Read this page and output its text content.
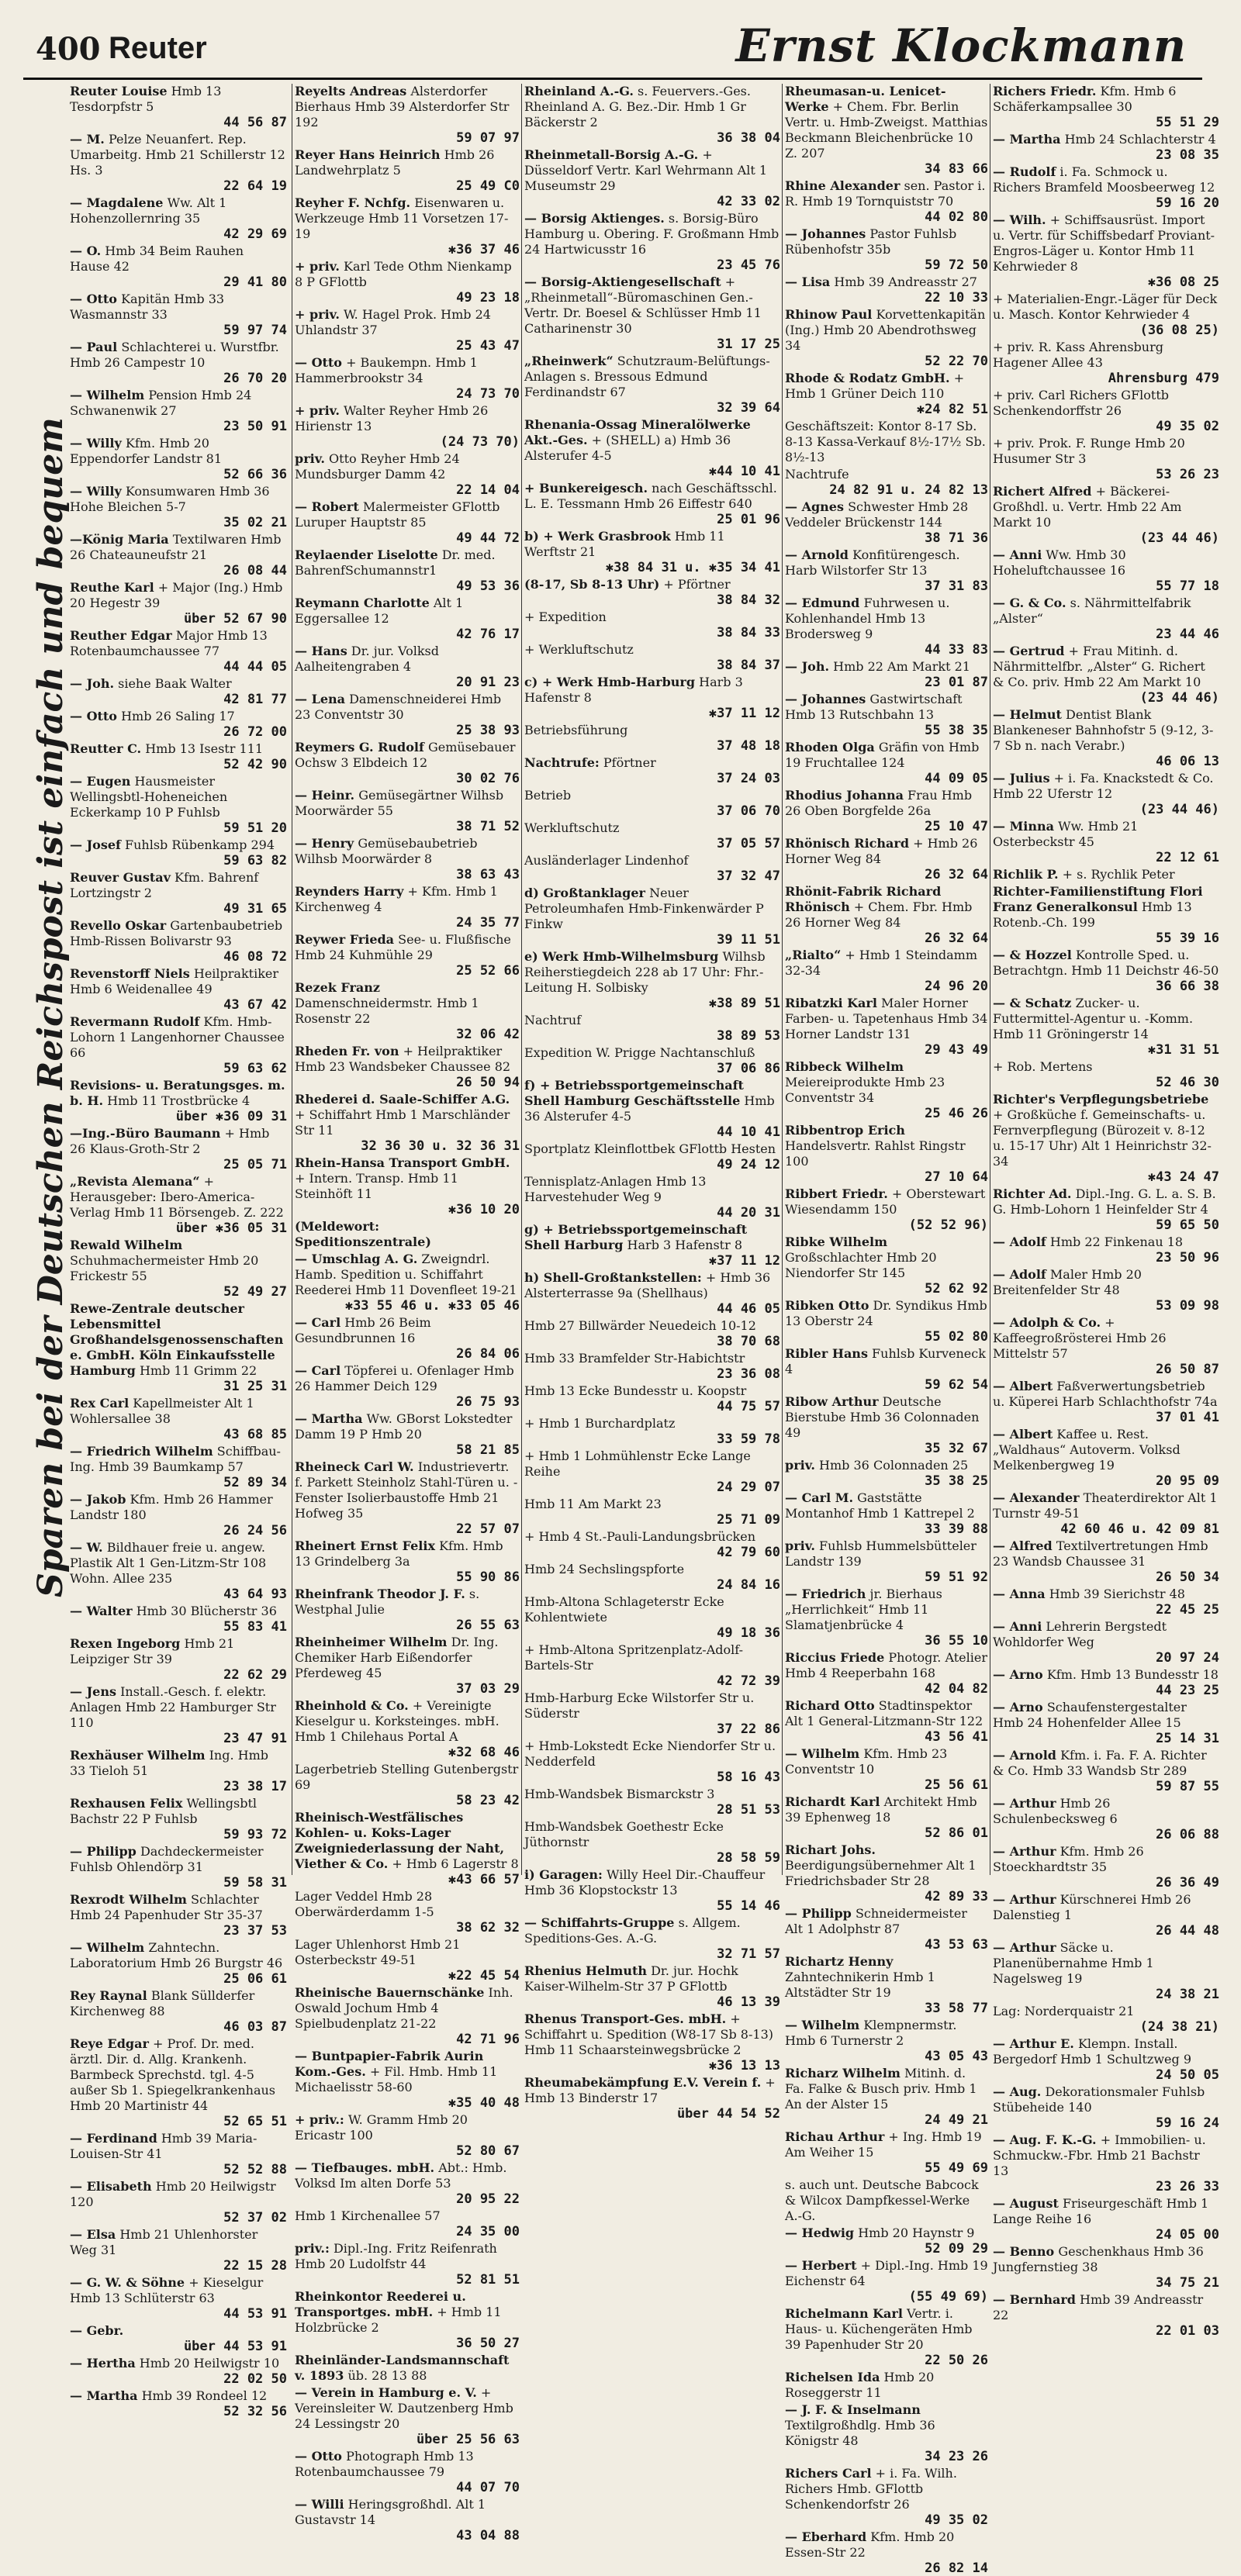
400 Reuter	Ernst Klockmann
Sparen bei der Deutschen Reichspost ist einfach und bequem
Reuter Louise Hmb 13 Tesdorpfstr 5
44 56 87
— M. Pelze Neuanfert. Rep. Umarbeitg. Hmb 21 Schillerstr 12 Hs. 3
22 64 19
— Magdalene Ww. Alt 1 Hohenzollernring 35
42 29 69
— O. Hmb 34 Beim Rauhen Hause 42
29 41 80
— Otto Kapitän Hmb 33 Wasmannstr 33
59 97 74
— Paul Schlachterei u. Wurstfbr. Hmb 26 Campestr 10
26 70 20
— Wilhelm Pension Hmb 24 Schwanenwik 27
23 50 91
— Willy Kfm. Hmb 20 Eppendorfer Landstr 81
52 66 36
— Willy Konsumwaren Hmb 36 Hohe Bleichen 5-7
35 02 21
—König Maria Textilwaren Hmb 26 Chateauneufstr 21
26 08 44
Reuthe Karl + Major (Ing.) Hmb 20 Hegestr 39
über 52 67 90
Reuther Edgar Major Hmb 13 Rotenbaumchaussee 77
44 44 05
— Joh. siehe Baak Walter
42 81 77
— Otto Hmb 26 Saling 17
26 72 00
Reutter C. Hmb 13 Isestr 111
52 42 90
— Eugen Hausmeister Wellingsbtl-Hoheneichen Eckerkamp 10 P Fuhlsb
59 51 20
— Josef Fuhlsb Rübenkamp 294
59 63 82
Reuver Gustav Kfm. Bahrenf Lortzingstr 2
49 31 65
Revello Oskar Gartenbaubetrieb Hmb-Rissen Bolivarstr 93
46 08 72
Revenstorff Niels Heilpraktiker Hmb 6 Weidenallee 49
43 67 42
Revermann Rudolf Kfm. Hmb-Lohorn 1 Langenhorner Chaussee 66
59 63 62
Revisions- u. Beratungsges. m. b. H. Hmb 11 Trostbrücke 4
über ✱36 09 31
—Ing.-Büro Baumann + Hmb 26 Klaus-Groth-Str 2
25 05 71
„Revista Alemana“ + Herausgeber: Ibero-America-Verlag Hmb 11 Börsengeb. Z. 222
über ✱36 05 31
Rewald Wilhelm Schuhmachermeister Hmb 20 Frickestr 55
52 49 27
Rewe-Zentrale deutscher Lebensmittel Großhandelsgenossenschaften e. GmbH. Köln Einkaufsstelle Hamburg Hmb 11 Grimm 22
31 25 31
Rex Carl Kapellmeister Alt 1 Wohlersallee 38
43 68 85
— Friedrich Wilhelm Schiffbau-Ing. Hmb 39 Baumkamp 57
52 89 34
— Jakob Kfm. Hmb 26 Hammer Landstr 180
26 24 56
— W. Bildhauer freie u. angew. Plastik Alt 1 Gen-Litzm-Str 108 Wohn. Allee 235
43 64 93
— Walter Hmb 30 Blücherstr 36
55 83 41
Rexen Ingeborg Hmb 21 Leipziger Str 39
22 62 29
— Jens Install.-Gesch. f. elektr. Anlagen Hmb 22 Hamburger Str 110
23 47 91
Rexhäuser Wilhelm Ing. Hmb 33 Tieloh 51
23 38 17
Rexhausen Felix Wellingsbtl Bachstr 22 P Fuhlsb
59 93 72
— Philipp Dachdeckermeister Fuhlsb Ohlendörp 31
59 58 31
Rexrodt Wilhelm Schlachter Hmb 24 Papenhuder Str 35-37
23 37 53
— Wilhelm Zahntechn. Laboratorium Hmb 26 Burgstr 46
25 06 61
Rey Raynal Blank Süllderfer Kirchenweg 88
46 03 87
Reye Edgar + Prof. Dr. med. ärztl. Dir. d. Allg. Krankenh. Barmbeck Sprechstd. tgl. 4-5 außer Sb 1. Spiegelkrankenhaus Hmb 20 Martinistr 44
52 65 51
— Ferdinand Hmb 39 Maria-Louisen-Str 41
52 52 88
— Elisabeth Hmb 20 Heilwigstr 120
52 37 02
— Elsa Hmb 21 Uhlenhorster Weg 31
22 15 28
— G. W. & Söhne + Kieselgur Hmb 13 Schlüterstr 63
44 53 91
— Gebr.
über 44 53 91
— Hertha Hmb 20 Heilwigstr 10
22 02 50
— Martha Hmb 39 Rondeel 12
52 32 56
Reyelts Andreas Alsterdorfer Bierhaus Hmb 39 Alsterdorfer Str 192
59 07 97
Reyer Hans Heinrich Hmb 26 Landwehrplatz 5
25 49 C0
Reyher F. Nchfg. Eisenwaren u. Werkzeuge Hmb 11 Vorsetzen 17-19
✱36 37 46
+ priv. Karl Tede Othm Nienkamp 8 P GFlottb
49 23 18
+ priv. W. Hagel Prok. Hmb 24 Uhlandstr 37
25 43 47
— Otto + Baukempn. Hmb 1 Hammerbrookstr 34
24 73 70
+ priv. Walter Reyher Hmb 26 Hirienstr 13
(24 73 70)
priv. Otto Reyher Hmb 24 Mundsburger Damm 42
22 14 04
— Robert Malermeister GFlottb Luruper Hauptstr 85
49 44 72
Reylaender Liselotte Dr. med. BahrenfSchumannstr1
49 53 36
Reymann Charlotte Alt 1 Eggersallee 12
42 76 17
— Hans Dr. jur. Volksd Aalheitengraben 4
20 91 23
— Lena Damenschneiderei Hmb 23 Conventstr 30
25 38 93
Reymers G. Rudolf Gemüsebauer Ochsw 3 Elbdeich 12
30 02 76
— Heinr. Gemüsegärtner Wilhsb Moorwärder 55
38 71 52
— Henry Gemüsebaubetrieb Wilhsb Moorwärder 8
38 63 43
Reynders Harry + Kfm. Hmb 1 Kirchenweg 4
24 35 77
Reywer Frieda See- u. Flußfische Hmb 24 Kuhmühle 29
25 52 66
Rezek Franz Damenschneidermstr. Hmb 1 Rosenstr 22
32 06 42
Rheden Fr. von + Heilpraktiker Hmb 23 Wandsbeker Chaussee 82
26 50 94
Rhederei d. Saale-Schiffer A.G. + Schiffahrt Hmb 1 Marschländer Str 11
32 36 30 u. 32 36 31
Rhein-Hansa Transport GmbH. + Intern. Transp. Hmb 11 Steinhöft 11
✱36 10 20
(Meldewort: Speditionszentrale)
— Umschlag A. G. Zweigndrl. Hamb. Spedition u. Schiffahrt Reederei Hmb 11 Dovenfleet 19-21
✱33 55 46 u. ✱33 05 46
— Carl Hmb 26 Beim Gesundbrunnen 16
26 84 06
— Carl Töpferei u. Ofenlager Hmb 26 Hammer Deich 129
26 75 93
— Martha Ww. GBorst Lokstedter Damm 19 P Hmb 20
58 21 85
Rheineck Carl W. Industrievertr. f. Parkett Steinholz Stahl-Türen u. -Fenster Isolierbaustoffe Hmb 21 Hofweg 35
22 57 07
Rheinert Ernst Felix Kfm. Hmb 13 Grindelberg 3a
55 90 86
Rheinfrank Theodor J. F. s. Westphal Julie
26 55 63
Rheinheimer Wilhelm Dr. Ing. Chemiker Harb Eißendorfer Pferdeweg 45
37 03 29
Rheinhold & Co. + Vereinigte Kieselgur u. Korksteinges. mbH. Hmb 1 Chilehaus Portal A
✱32 68 46
Lagerbetrieb Stelling Gutenbergstr 69
58 23 42
Rheinisch-Westfälisches Kohlen- u. Koks-Lager Zweigniederlassung der Naht, Viether & Co. + Hmb 6 Lagerstr 8
✱43 66 57
Lager Veddel Hmb 28 Oberwärderdamm 1-5
38 62 32
Lager Uhlenhorst Hmb 21 Osterbeckstr 49-51
✱22 45 54
Rheinische Bauernschänke Inh. Oswald Jochum Hmb 4 Spielbudenplatz 21-22
42 71 96
— Buntpapier-Fabrik Aurin Kom.-Ges. + Fil. Hmb. Hmb 11 Michaelisstr 58-60
✱35 40 48
+ priv.: W. Gramm Hmb 20 Ericastr 100
52 80 67
— Tiefbauges. mbH. Abt.: Hmb. Volksd Im alten Dorfe 53
20 95 22
Hmb 1 Kirchenallee 57
24 35 00
priv.: Dipl.-Ing. Fritz Reifenrath Hmb 20 Ludolfstr 44
52 81 51
Rheinkontor Reederei u. Transportges. mbH. + Hmb 11 Holzbrücke 2
36 50 27
Rheinländer-Landsmannschaft v. 1893 üb. 28 13 88
— Verein in Hamburg e. V. + Vereinsleiter W. Dautzenberg Hmb 24 Lessingstr 20
über 25 56 63
— Otto Photograph Hmb 13 Rotenbaumchaussee 79
44 07 70
— Willi Heringsgroßhdl. Alt 1 Gustavstr 14
43 04 88
Rheinland A.-G. s. Feuervers.-Ges. Rheinland A. G. Bez.-Dir. Hmb 1 Gr Bäckerstr 2
36 38 04
Rheinmetall-Borsig A.-G. + Düsseldorf Vertr. Karl Wehrmann Alt 1 Museumstr 29
42 33 02
— Borsig Aktienges. s. Borsig-Büro Hamburg u. Obering. F. Großmann Hmb 24 Hartwicusstr 16
23 45 76
— Borsig-Aktiengesellschaft + „Rheinmetall“-Büromaschinen Gen.-Vertr. Dr. Boesel & Schlüsser Hmb 11 Catharinenstr 30
31 17 25
„Rheinwerk“ Schutzraum-Belüftungs-Anlagen s. Bressous Edmund Ferdinandstr 67
32 39 64
Rhenania-Ossag Mineralölwerke Akt.-Ges. + (SHELL) a) Hmb 36 Alsterufer 4-5
✱44 10 41
+ Bunkereigesch. nach Geschäftsschl. L. E. Tessmann Hmb 26 Eiffestr 640
25 01 96
b) + Werk Grasbrook Hmb 11 Werftstr 21
✱38 84 31 u. ✱35 34 41
(8-17, Sb 8-13 Uhr) + Pförtner
38 84 32
+ Expedition
38 84 33
+ Werkluftschutz
38 84 37
c) + Werk Hmb-Harburg Harb 3 Hafenstr 8
✱37 11 12
Betriebsführung
37 48 18
Nachtrufe: Pförtner
37 24 03
Betrieb
37 06 70
Werkluftschutz
37 05 57
Ausländerlager Lindenhof
37 32 47
d) Großtanklager Neuer Petroleumhafen Hmb-Finkenwärder P Finkw
39 11 51
e) Werk Hmb-Wilhelmsburg Wilhsb Reiherstiegdeich 228 ab 17 Uhr: Fhr.-Leitung H. Solbisky
✱38 89 51
Nachtruf
38 89 53
Expedition W. Prigge Nachtanschluß
37 06 86
f) + Betriebssportgemeinschaft Shell Hamburg Geschäftsstelle Hmb 36 Alsterufer 4-5
44 10 41
Sportplatz Kleinflottbek GFlottb Hesten
49 24 12
Tennisplatz-Anlagen Hmb 13 Harvestehuder Weg 9
44 20 31
g) + Betriebssportgemeinschaft Shell Harburg Harb 3 Hafenstr 8
✱37 11 12
h) Shell-Großtankstellen: + Hmb 36 Alsterterrasse 9a (Shellhaus)
44 46 05
Hmb 27 Billwärder Neuedeich 10-12
38 70 68
Hmb 33 Bramfelder Str-Habichtstr
23 36 08
Hmb 13 Ecke Bundesstr u. Koopstr
44 75 57
+ Hmb 1 Burchardplatz
33 59 78
+ Hmb 1 Lohmühlenstr Ecke Lange Reihe
24 29 07
Hmb 11 Am Markt 23
25 71 09
+ Hmb 4 St.-Pauli-Landungsbrücken
42 79 60
Hmb 24 Sechslingspforte
24 84 16
Hmb-Altona Schlageterstr Ecke Kohlentwiete
49 18 36
+ Hmb-Altona Spritzenplatz-Adolf-Bartels-Str
42 72 39
Hmb-Harburg Ecke Wilstorfer Str u. Süderstr
37 22 86
+ Hmb-Lokstedt Ecke Niendorfer Str u. Nedderfeld
58 16 43
Hmb-Wandsbek Bismarckstr 3
28 51 53
Hmb-Wandsbek Goethestr Ecke Jüthornstr
28 58 59
i) Garagen: Willy Heel Dir.-Chauffeur Hmb 36 Klopstockstr 13
55 14 46
— Schiffahrts-Gruppe s. Allgem. Speditions-Ges. A.-G.
32 71 57
Rhenius Helmuth Dr. jur. Hochk Kaiser-Wilhelm-Str 37 P GFlottb
46 13 39
Rhenus Transport-Ges. mbH. + Schiffahrt u. Spedition (W8-17 Sb 8-13) Hmb 11 Schaarsteinwegsbrücke 2
✱36 13 13
Rheumabekämpfung E.V. Verein f. + Hmb 13 Binderstr 17
über 44 54 52
Rheumasan-u. Lenicet-Werke + Chem. Fbr. Berlin Vertr. u. Hmb-Zweigst. Matthias Beckmann Bleichenbrücke 10 Z. 207
34 83 66
Rhine Alexander sen. Pastor i. R. Hmb 19 Tornquiststr 70
44 02 80
— Johannes Pastor Fuhlsb Rübenhofstr 35b
59 72 50
— Lisa Hmb 39 Andreasstr 27
22 10 33
Rhinow Paul Korvettenkapitän (Ing.) Hmb 20 Abendrothsweg 34
52 22 70
Rhode & Rodatz GmbH. + Hmb 1 Grüner Deich 110
✱24 82 51
Geschäftszeit: Kontor 8-17 Sb. 8-13 Kassa-Verkauf 8½-17½ Sb. 8½-13
Nachtrufe
24 82 91 u. 24 82 13
— Agnes Schwester Hmb 28 Veddeler Brückenstr 144
38 71 36
— Arnold Konfitürengesch. Harb Wilstorfer Str 13
37 31 83
— Edmund Fuhrwesen u. Kohlenhandel Hmb 13 Brodersweg 9
44 33 83
— Joh. Hmb 22 Am Markt 21
23 01 87
— Johannes Gastwirtschaft Hmb 13 Rutschbahn 13
55 38 35
Rhoden Olga Gräfin von Hmb 19 Fruchtallee 124
44 09 05
Rhodius Johanna Frau Hmb 26 Oben Borgfelde 26a
25 10 47
Rhönisch Richard + Hmb 26 Horner Weg 84
26 32 64
Rhönit-Fabrik Richard Rhönisch + Chem. Fbr. Hmb 26 Horner Weg 84
26 32 64
„Rialto“ + Hmb 1 Steindamm 32-34
24 96 20
Ribatzki Karl Maler Horner Farben- u. Tapetenhaus Hmb 34 Horner Landstr 131
29 43 49
Ribbeck Wilhelm Meiereiprodukte Hmb 23 Conventstr 34
25 46 26
Ribbentrop Erich Handelsvertr. Rahlst Ringstr 100
27 10 64
Ribbert Friedr. + Oberstewart Wiesendamm 150
(52 52 96)
Ribke Wilhelm Großschlachter Hmb 20 Niendorfer Str 145
52 62 92
Ribken Otto Dr. Syndikus Hmb 13 Oberstr 24
55 02 80
Ribler Hans Fuhlsb Kurveneck 4
59 62 54
Ribow Arthur Deutsche Bierstube Hmb 36 Colonnaden 49
35 32 67
priv. Hmb 36 Colonnaden 25
35 38 25
— Carl M. Gaststätte Montanhof Hmb 1 Kattrepel 2
33 39 88
priv. Fuhlsb Hummelsbütteler Landstr 139
59 51 92
— Friedrich jr. Bierhaus „Herrlichkeit“ Hmb 11 Slamatjenbrücke 4
36 55 10
Riccius Friede Photogr. Atelier Hmb 4 Reeperbahn 168
42 04 82
Richard Otto Stadtinspektor Alt 1 General-Litzmann-Str 122
43 56 41
— Wilhelm Kfm. Hmb 23 Conventstr 10
25 56 61
Richardt Karl Architekt Hmb 39 Ephenweg 18
52 86 01
Richart Johs. Beerdigungsübernehmer Alt 1 Friedrichsbader Str 28
42 89 33
— Philipp Schneidermeister Alt 1 Adolphstr 87
43 53 63
Richartz Henny Zahntechnikerin Hmb 1 Altstädter Str 19
33 58 77
— Wilhelm Klempnermstr. Hmb 6 Turnerstr 2
43 05 43
Richarz Wilhelm Mitinh. d. Fa. Falke & Busch priv. Hmb 1 An der Alster 15
24 49 21
Richau Arthur + Ing. Hmb 19 Am Weiher 15
55 49 69
s. auch unt. Deutsche Babcock & Wilcox Dampfkessel-Werke A.-G.
— Hedwig Hmb 20 Haynstr 9
52 09 29
— Herbert + Dipl.-Ing. Hmb 19 Eichenstr 64
(55 49 69)
Richelmann Karl Vertr. i. Haus- u. Küchengeräten Hmb 39 Papenhuder Str 20
22 50 26
Richelsen Ida Hmb 20 Roseggerstr 11
— J. F. & Inselmann Textilgroßhdlg. Hmb 36 Königstr 48
34 23 26
Richers Carl + i. Fa. Wilh. Richers Hmb. GFlottb Schenkendorfstr 26
49 35 02
— Eberhard Kfm. Hmb 20 Essen-Str 22
26 82 14
Richers Friedr. Kfm. Hmb 6 Schäferkampsallee 30
55 51 29
— Martha Hmb 24 Schlachterstr 4
23 08 35
— Rudolf i. Fa. Schmock u. Richers Bramfeld Moosbeerweg 12
59 16 20
— Wilh. + Schiffsausrüst. Import u. Vertr. für Schiffsbedarf Proviant-Engros-Läger u. Kontor Hmb 11 Kehrwieder 8
✱36 08 25
+ Materialien-Engr.-Läger für Deck u. Masch. Kontor Kehrwieder 4
(36 08 25)
+ priv. R. Kass Ahrensburg Hagener Allee 43
Ahrensburg 479
+ priv. Carl Richers GFlottb Schenkendorffstr 26
49 35 02
+ priv. Prok. F. Runge Hmb 20 Husumer Str 3
53 26 23
Richert Alfred + Bäckerei-Großhdl. u. Vertr. Hmb 22 Am Markt 10
(23 44 46)
— Anni Ww. Hmb 30 Hoheluftchaussee 16
55 77 18
— G. & Co. s. Nährmittelfabrik „Alster“
23 44 46
— Gertrud + Frau Mitinh. d. Nährmittelfbr. „Alster“ G. Richert & Co. priv. Hmb 22 Am Markt 10
(23 44 46)
— Helmut Dentist Blank Blankeneser Bahnhofstr 5 (9-12, 3-7 Sb n. nach Verabr.)
46 06 13
— Julius + i. Fa. Knackstedt & Co. Hmb 22 Uferstr 12
(23 44 46)
— Minna Ww. Hmb 21 Osterbeckstr 45
22 12 61
Richlik P. + s. Rychlik Peter
Richter-Familienstiftung Flori Franz Generalkonsul Hmb 13 Rotenb.-Ch. 199
55 39 16
— & Hozzel Kontrolle Sped. u. Betrachtgn. Hmb 11 Deichstr 46-50
36 66 38
— & Schatz Zucker- u. Futtermittel-Agentur u. -Komm. Hmb 11 Gröningerstr 14
✱31 31 51
+ Rob. Mertens
52 46 30
Richter's Verpflegungsbetriebe + Großküche f. Gemeinschafts- u. Fernverpflegung (Bürozeit v. 8-12 u. 15-17 Uhr) Alt 1 Heinrichstr 32-34
✱43 24 47
Richter Ad. Dipl.-Ing. G. L. a. S. B. G. Hmb-Lohorn 1 Heinfelder Str 4
59 65 50
— Adolf Hmb 22 Finkenau 18
23 50 96
— Adolf Maler Hmb 20 Breitenfelder Str 48
53 09 98
— Adolph & Co. + Kaffeegroßrösterei Hmb 26 Mittelstr 57
26 50 87
— Albert Faßverwertungsbetrieb u. Küperei Harb Schlachthofstr 74a
37 01 41
— Albert Kaffee u. Rest. „Waldhaus“ Autoverm. Volksd Melkenbergweg 19
20 95 09
— Alexander Theaterdirektor Alt 1 Turnstr 49-51
42 60 46 u. 42 09 81
— Alfred Textilvertretungen Hmb 23 Wandsb Chaussee 31
26 50 34
— Anna Hmb 39 Sierichstr 48
22 45 25
— Anni Lehrerin Bergstedt Wohldorfer Weg
20 97 24
— Arno Kfm. Hmb 13 Bundesstr 18
44 23 25
— Arno Schaufenstergestalter Hmb 24 Hohenfelder Allee 15
25 14 31
— Arnold Kfm. i. Fa. F. A. Richter & Co. Hmb 33 Wandsb Str 289
59 87 55
— Arthur Hmb 26 Schulenbecksweg 6
26 06 88
— Arthur Kfm. Hmb 26 Stoeckhardtstr 35
26 36 49
— Arthur Kürschnerei Hmb 26 Dalenstieg 1
26 44 48
— Arthur Säcke u. Planenübernahme Hmb 1 Nagelsweg 19
24 38 21
Lag: Norderquaistr 21
(24 38 21)
— Arthur E. Klempn. Install. Bergedorf Hmb 1 Schultzweg 9
24 50 05
— Aug. Dekorationsmaler Fuhlsb Stübeheide 140
59 16 24
— Aug. F. K.-G. + Immobilien- u. Schmuckw.-Fbr. Hmb 21 Bachstr 13
23 26 33
— August Friseurgeschäft Hmb 1 Lange Reihe 16
24 05 00
— Benno Geschenkhaus Hmb 36 Jungfernstieg 38
34 75 21
— Bernhard Hmb 39 Andreasstr 22
22 01 03
